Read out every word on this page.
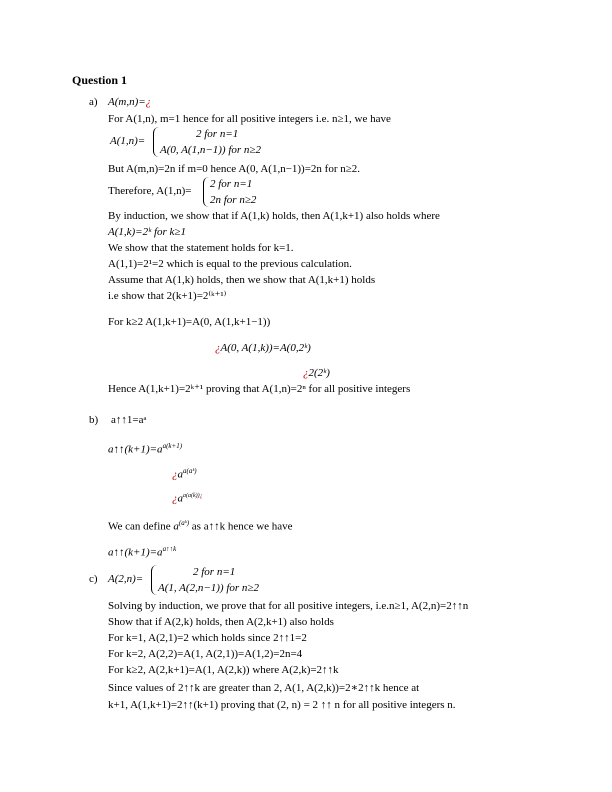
Question 1
a) A(m,n)=¿
For A(1,n), m=1 hence for all positive integers i.e. n≥1, we have
A(1,n)=
2 for n=1
A(0, A(1,n−1)) for n≥2
But A(m,n)=2n if m=0 hence A(0, A(1,n−1))=2n for n≥2.
Therefore, A(1,n)=
2 for n=1
2n for n≥2
By induction, we show that if A(1,k) holds, then A(1,k+1) also holds where
A(1,k)=2ᵏ for k≥1
We show that the statement holds for k=1.
A(1,1)=2¹=2 which is equal to the previous calculation.
Assume that A(1,k) holds, then we show that A(1,k+1) holds
i.e show that 2(k+1)=2⁽ᵏ⁺¹⁾
For k≥2 A(1,k+1)=A(0, A(1,k+1−1))
¿A(0, A(1,k))=A(0,2ᵏ)
¿2(2ᵏ)
Hence A(1,k+1)=2ᵏ⁺¹ proving that A(1,n)=2ⁿ for all positive integers
b) a↑↑1=aᵃ
$a↑↑(k+1)=a^{a(k+1)}$
¿$a^{a(aᵏ)}$
¿$a^{a(a(k))¿}$
We can define $a^{(aᵏ)}$ as a↑↑k hence we have
$a↑↑(k+1)=a^{a↑↑k}$
c) A(2,n)=
2 for n=1
A(1, A(2,n−1)) for n≥2
Solving by induction, we prove that for all positive integers, i.e.n≥1, A(2,n)=2↑↑n
Show that if A(2,k) holds, then A(2,k+1) also holds
For k=1, A(2,1)=2 which holds since 2↑↑1=2
For k=2, A(2,2)=A(1, A(2,1))=A(1,2)=2n=4
For k≥2, A(2,k+1)=A(1, A(2,k)) where A(2,k)=2↑↑k
Since values of 2↑↑k are greater than 2, A(1, A(2,k))=2∗2↑↑k hence at
k+1, A(1,k+1)=2↑↑(k+1) proving that (2, n) = 2 ↑↑ n for all positive integers n.
